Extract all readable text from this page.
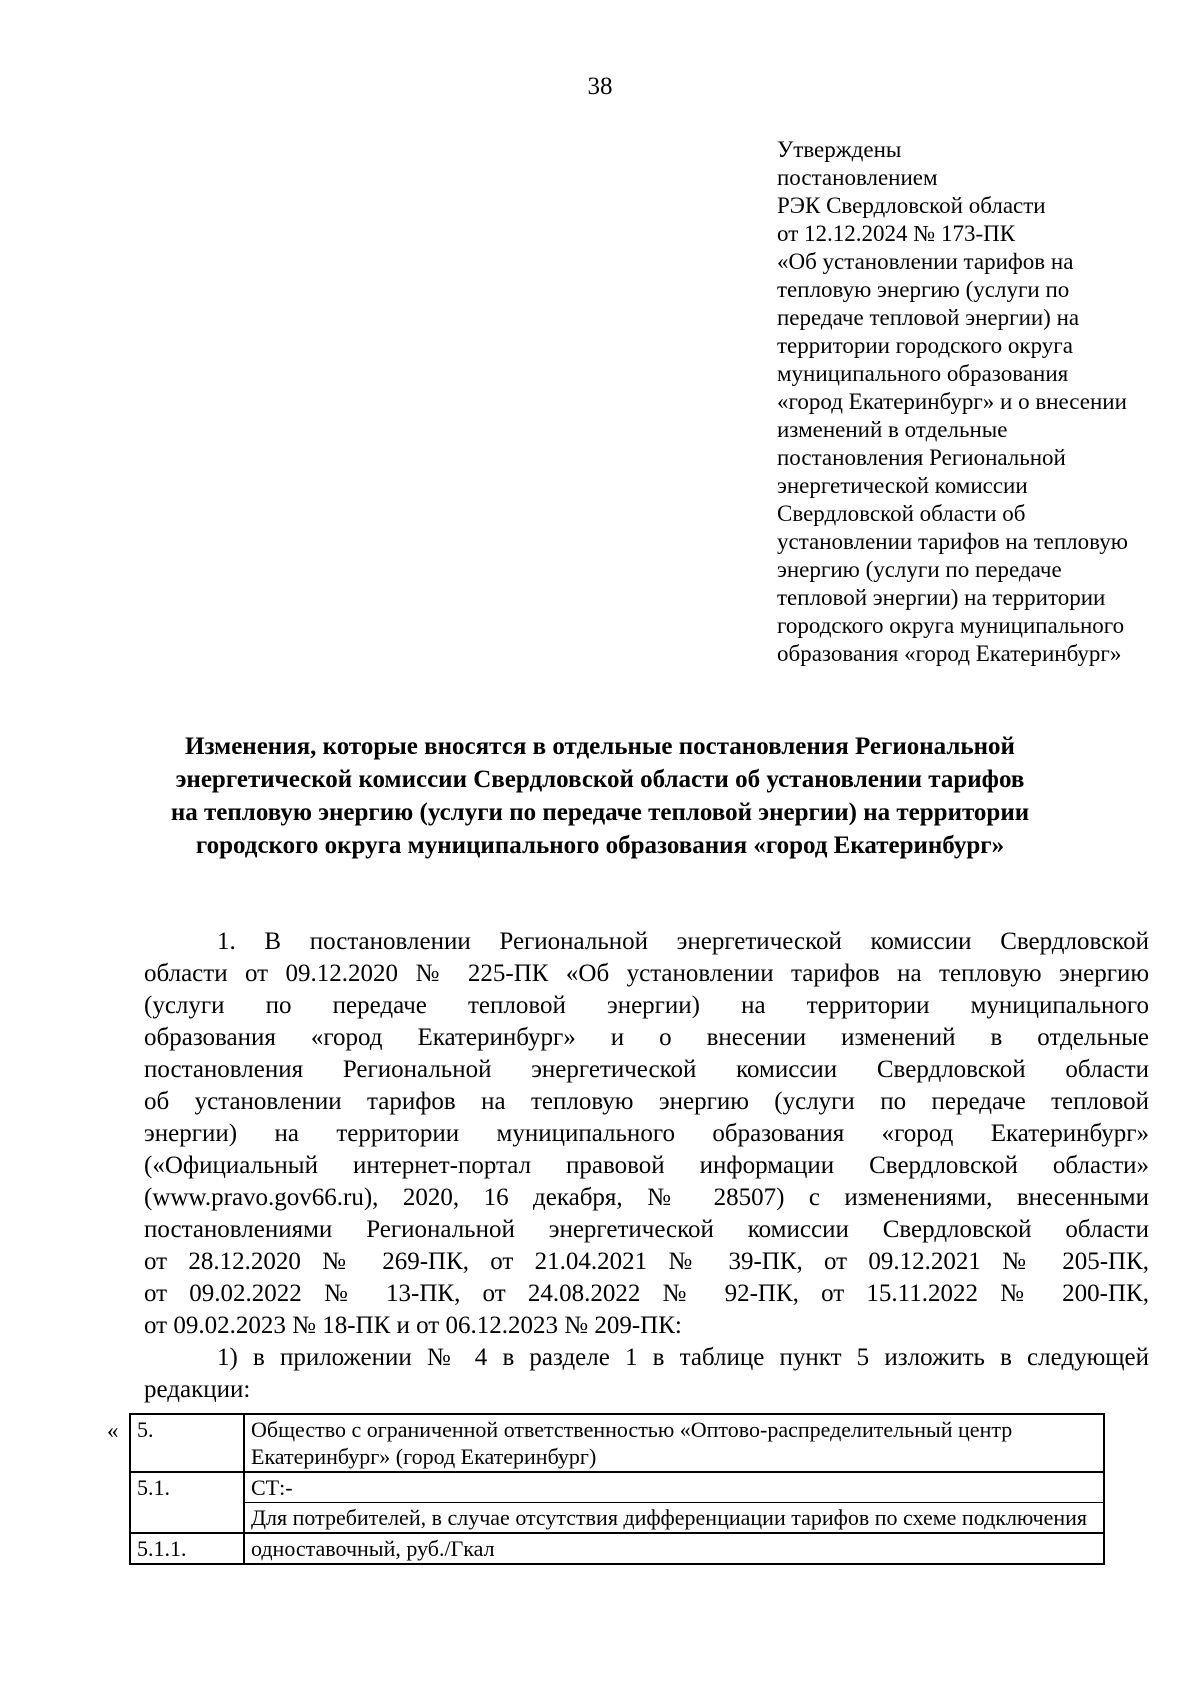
38
Утверждены
постановлением
РЭК Свердловской области
от 12.12.2024 № 173-ПК
«Об установлении тарифов на
тепловую энергию (услуги по
передаче тепловой энергии) на
территории городского округа
муниципального образования
«город Екатеринбург» и о внесении
изменений в отдельные
постановления Региональной
энергетической комиссии
Свердловской области об
установлении тарифов на тепловую
энергию (услуги по передаче
тепловой энергии) на территории
городского округа муниципального
образования «город Екатеринбург»
Изменения, которые вносятся в отдельные постановления Региональной
энергетической комиссии Свердловской области об установлении тарифов
на тепловую энергию (услуги по передаче тепловой энергии) на территории
городского округа муниципального образования «город Екатеринбург»
1. В постановлении Региональной энергетической комиссии Свердловской
области от 09.12.2020 № 225-ПК «Об установлении тарифов на тепловую энергию
(услуги по передаче тепловой энергии) на территории муниципального
образования «город Екатеринбург» и о внесении изменений в отдельные
постановления Региональной энергетической комиссии Свердловской области
об установлении тарифов на тепловую энергию (услуги по передаче тепловой
энергии) на территории муниципального образования «город Екатеринбург»
(«Официальный интернет-портал правовой информации Свердловской области»
(www.pravo.gov66.ru), 2020, 16 декабря, № 28507) с изменениями, внесенными
постановлениями Региональной энергетической комиссии Свердловской области
от 28.12.2020 № 269-ПК, от 21.04.2021 № 39-ПК, от 09.12.2021 № 205-ПК,
от 09.02.2022 № 13-ПК, от 24.08.2022 № 92-ПК, от 15.11.2022 № 200-ПК,
от 09.02.2023 № 18-ПК и от 06.12.2023 № 209-ПК:
1) в приложении № 4 в разделе 1 в таблице пункт 5 изложить в следующей
редакции:
« 5.	Общество с ограниченной ответственностью «Оптово-распределительный центр Екатеринбург» (город Екатеринбург)
5.1.	СТ:-
	Для потребителей, в случае отсутствия дифференциации тарифов по схеме подключения
5.1.1.	одноставочный, руб./Гкал
